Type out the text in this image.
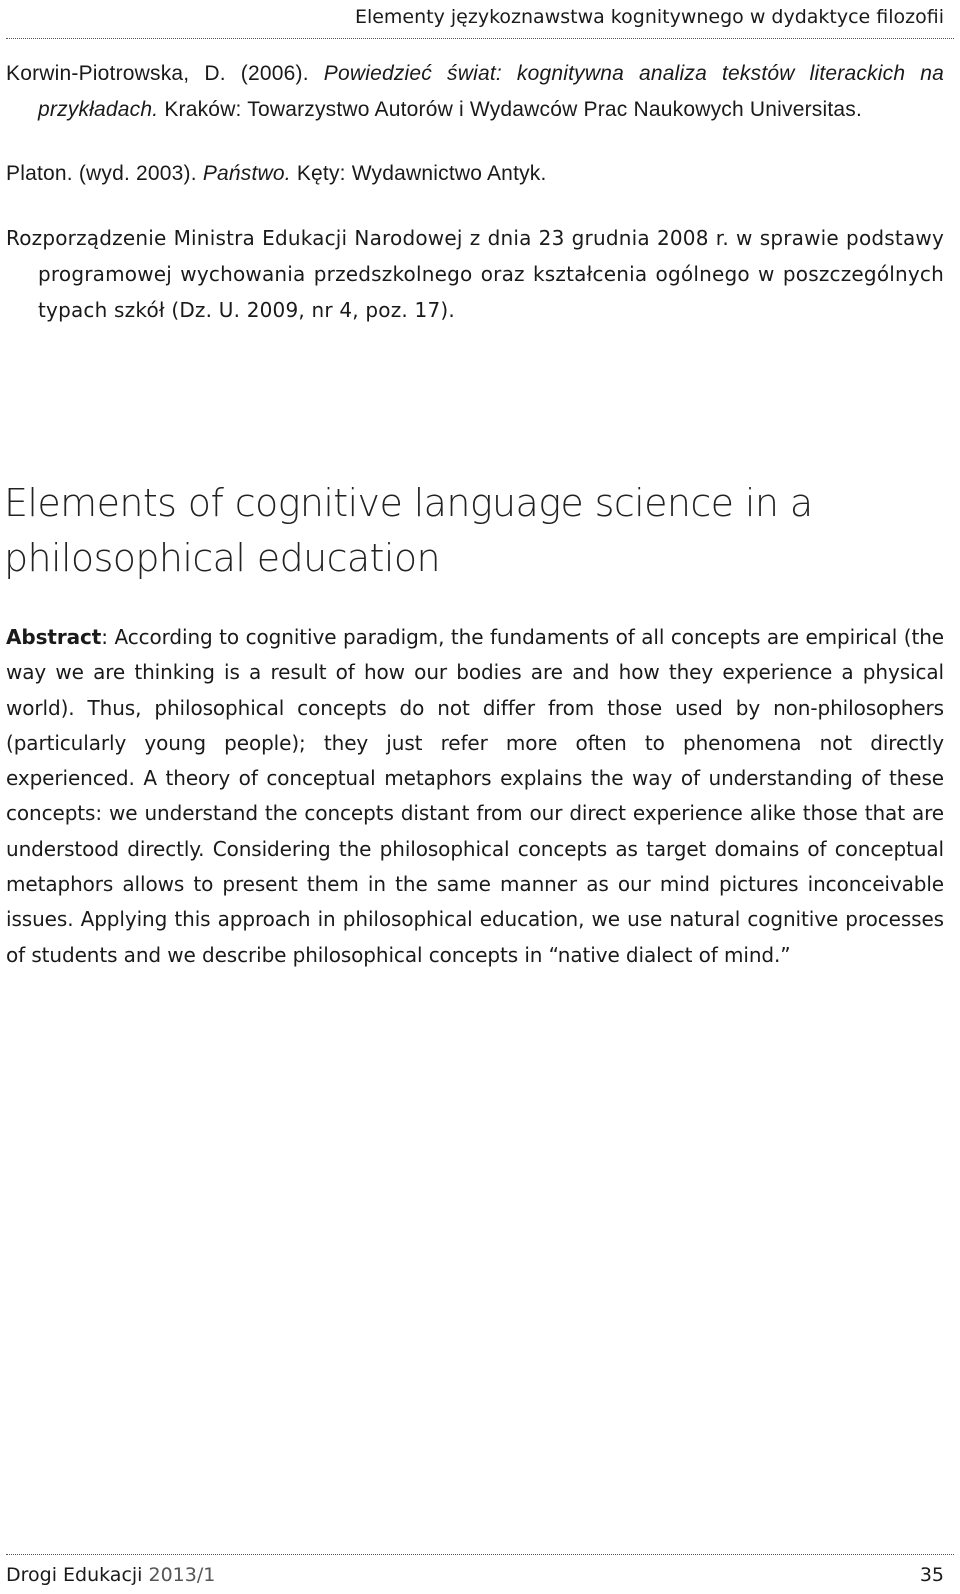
Elementy językoznawstwa kognitywnego w dydaktyce filozofii

Korwin-Piotrowska, D. (2006). Powiedzieć świat: kognitywna analiza tekstów literackich na przykładach. Kraków: Towarzystwo Autorów i Wydawców Prac Naukowych Universitas.

Platon. (wyd. 2003). Państwo. Kęty: Wydawnictwo Antyk.

Rozporządzenie Ministra Edukacji Narodowej z dnia 23 grudnia 2008 r. w sprawie podstawy programowej wychowania przedszkolnego oraz kształcenia ogólnego w poszczególnych typach szkół (Dz. U. 2009, nr 4, poz. 17).

Elements of cognitive language science in a philosophical education

Abstract: According to cognitive paradigm, the fundaments of all concepts are empirical (the way we are thinking is a result of how our bodies are and how they experience a physical world). Thus, philosophical concepts do not differ from those used by non-philosophers (particularly young people); they just refer more often to phenomena not directly experienced. A theory of conceptual metaphors explains the way of understanding of these concepts: we understand the concepts distant from our direct experience alike those that are understood directly. Considering the philosophical concepts as target domains of conceptual metaphors allows to present them in the same manner as our mind pictures inconceivable issues. Applying this approach in philosophical education, we use natural cognitive processes of students and we describe philosophical concepts in “native dialect of mind.”

Drogi Edukacji 2013/1	35
